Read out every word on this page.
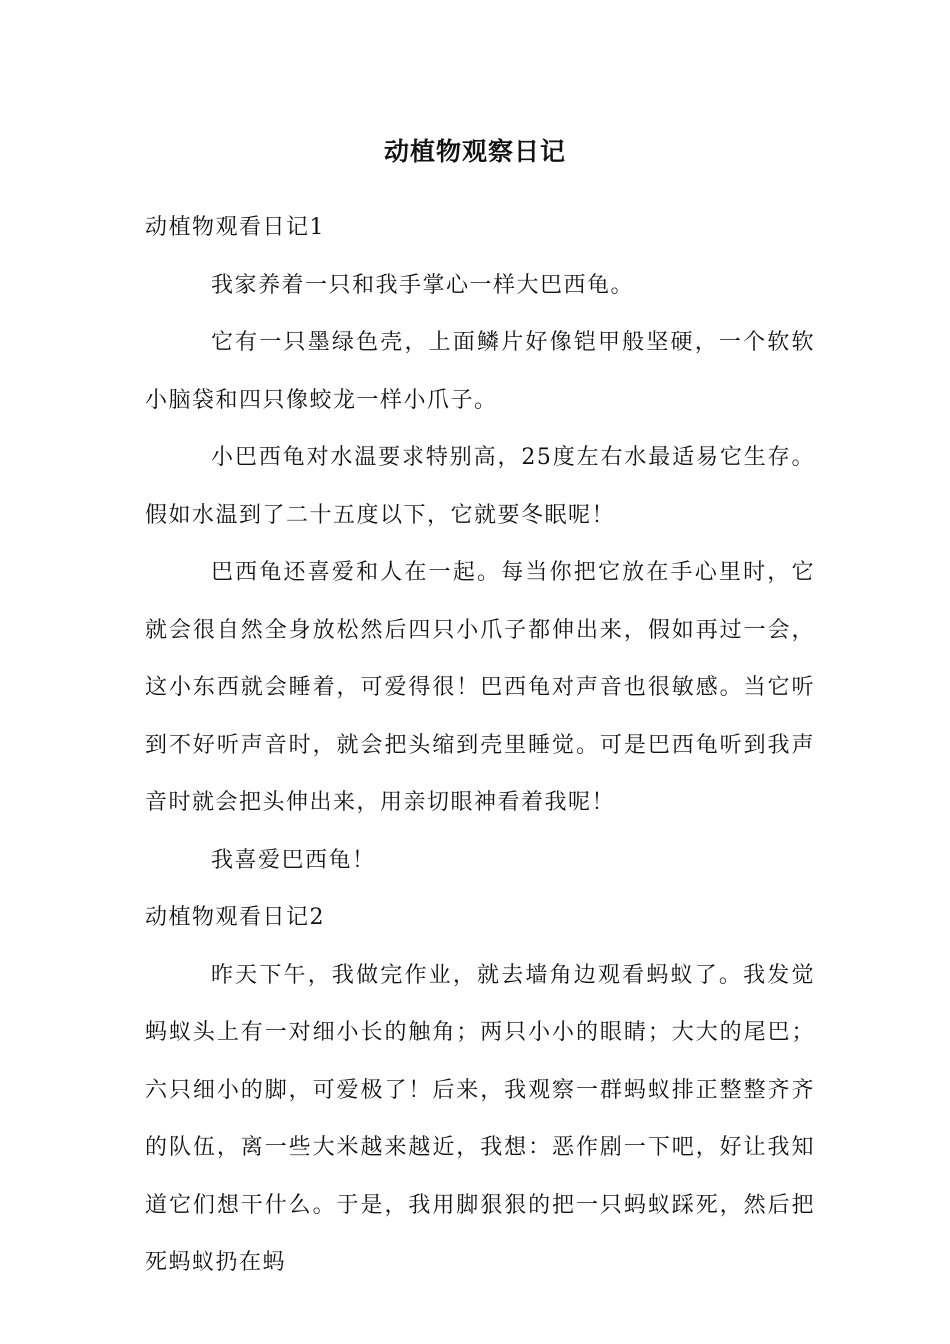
动植物观察日记

动植物观看日记1

我家养着一只和我手掌心一样大巴西龟。

它有一只墨绿色壳，上面鳞片好像铠甲般坚硬，一个软软小脑袋和四只像蛟龙一样小爪子。

小巴西龟对水温要求特别高，25度左右水最适易它生存。假如水温到了二十五度以下，它就要冬眠呢！

巴西龟还喜爱和人在一起。每当你把它放在手心里时，它就会很自然全身放松然后四只小爪子都伸出来，假如再过一会，这小东西就会睡着，可爱得很！巴西龟对声音也很敏感。当它听到不好听声音时，就会把头缩到壳里睡觉。可是巴西龟听到我声音时就会把头伸出来，用亲切眼神看着我呢！

我喜爱巴西龟！

动植物观看日记2

昨天下午，我做完作业，就去墙角边观看蚂蚁了。我发觉蚂蚁头上有一对细小长的触角；两只小小的眼睛；大大的尾巴；六只细小的脚，可爱极了！后来，我观察一群蚂蚁排正整整齐齐的队伍，离一些大米越来越近，我想：恶作剧一下吧，好让我知道它们想干什么。于是，我用脚狠狠的把一只蚂蚁踩死，然后把死蚂蚁扔在蚂
